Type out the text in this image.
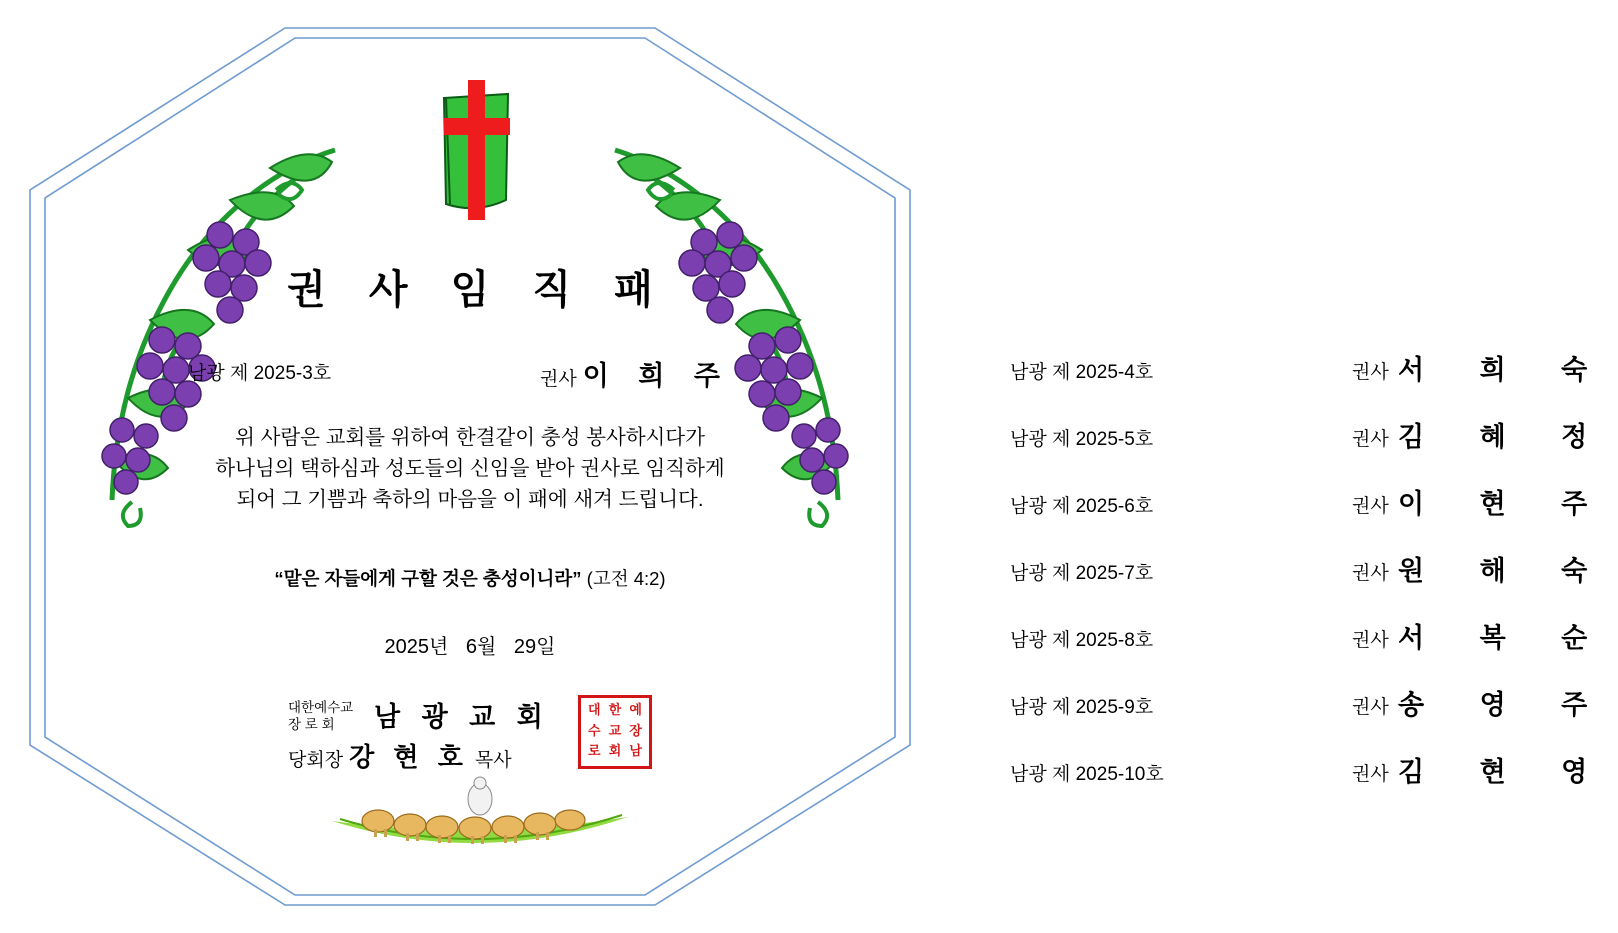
권 사 임 직 패
남광 제 2025-3호	권사 이 희 주
위 사람은 교회를 위하여 한결같이 충성 봉사하시다가
하나님의 택하심과 성도들의 신임을 받아 권사로 임직하게
되어 그 기쁨과 축하의 마음을 이 패에 새겨 드립니다.
“맡은 자들에게 구할 것은 충성이니라” (고전 4:2)
2025년 6월 29일
대한예수교
장 로 회	남 광 교 회
당회장 강 현 호 목사
대 한 예
수 교 장
로 회 남
남광 제 2025-4호	권사 서 희 숙
남광 제 2025-5호	권사 김 혜 정
남광 제 2025-6호	권사 이 현 주
남광 제 2025-7호	권사 원 해 숙
남광 제 2025-8호	권사 서 복 순
남광 제 2025-9호	권사 송 영 주
남광 제 2025-10호	권사 김 현 영
